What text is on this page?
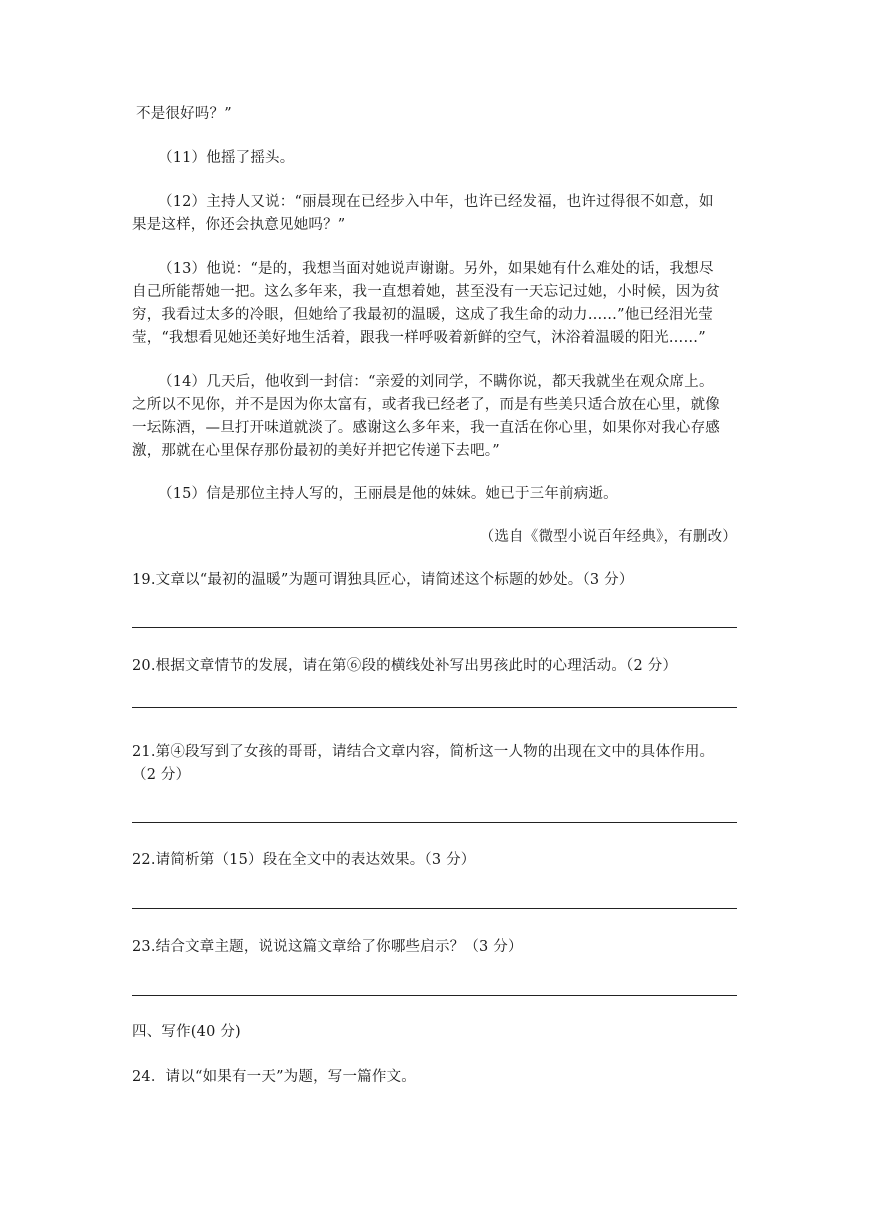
不是很好吗？”
（11）他摇了摇头。
（12）主持人又说：“丽晨现在已经步入中年，也许已经发福，也许过得很不如意，如
果是这样，你还会执意见她吗？”
（13）他说：“是的，我想当面对她说声谢谢。另外，如果她有什么难处的话，我想尽
自己所能帮她一把。这么多年来，我一直想着她，甚至没有一天忘记过她，小时候，因为贫
穷，我看过太多的冷眼，但她给了我最初的温暖，这成了我生命的动力……”他已经泪光莹
莹，“我想看见她还美好地生活着，跟我一样呼吸着新鲜的空气，沐浴着温暖的阳光……”
（14）几天后，他收到一封信：“亲爱的刘同学，不瞒你说，都天我就坐在观众席上。
之所以不见你，并不是因为你太富有，或者我已经老了，而是有些美只适合放在心里，就像
一坛陈酒，—旦打开味道就淡了。感谢这么多年来，我一直活在你心里，如果你对我心存感
激，那就在心里保存那份最初的美好并把它传递下去吧。”
（15）信是那位主持人写的，王丽晨是他的妹妹。她已于三年前病逝。
（选自《微型小说百年经典》，有删改）
19.文章以“最初的温暖”为题可谓独具匠心，请简述这个标题的妙处。（3 分）
20.根据文章情节的发展，请在第⑥段的横线处补写出男孩此时的心理活动。（2 分）
21.第④段写到了女孩的哥哥，请结合文章内容，简析这一人物的出现在文中的具体作用。
（2 分）
22.请简析第（15）段在全文中的表达效果。（3 分）
23.结合文章主题，说说这篇文章给了你哪些启示？（3 分）
四、写作(40 分)
24．请以“如果有一天”为题，写一篇作文。
